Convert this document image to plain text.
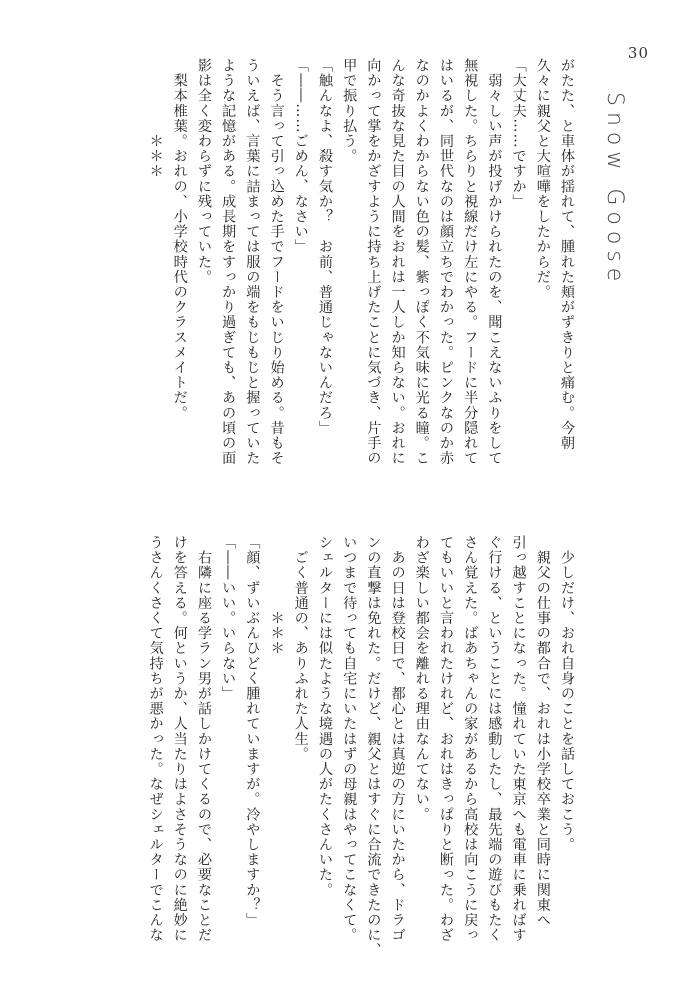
30
Snow Goose

がたた、と車体が揺れて、腫れた頬がずきりと痛む。今朝

久々に親父と大喧嘩をしたからだ。

「大丈夫……ですか」

　弱々しい声が投げかけられたのを、聞こえないふりをして

無視した。ちらりと視線だけ左にやる。フードに半分隠れて

はいるが、同世代なのは顔立ちでわかった。ピンクなのか赤

なのかよくわからない色の髪、紫っぽく不気味に光る瞳。こ

んな奇抜な見た目の人間をおれは一人しか知らない。おれに

向かって掌をかざすように持ち上げたことに気づき、片手の

甲で振り払う。

「触んなよ、殺す気か？　お前、普通じゃないんだろ」

「――……ごめん、なさい」

　そう言って引っ込めた手でフードをいじり始める。昔もそ

ういえば、言葉に詰まっては服の端をもじもじと握っていた

ような記憶がある。成長期をすっかり過ぎても、あの頃の面

影は全く変わらずに残っていた。

　梨本椎葉。おれの、小学校時代のクラスメイトだ。

　　　　　＊＊＊

　少しだけ、おれ自身のことを話しておこう。

　親父の仕事の都合で、おれは小学校卒業と同時に関東へ

引っ越すことになった。憧れていた東京へも電車に乗ればす

ぐ行ける、ということには感動したし、最先端の遊びもたく

さん覚えた。ばあちゃんの家があるから高校は向こうに戻っ

てもいいと言われたけれど、おれはきっぱりと断った。わざ

わざ楽しい都会を離れる理由なんてない。

　あの日は登校日で、都心とは真逆の方にいたから、ドラゴ

ンの直撃は免れた。だけど、親父とはすぐに合流できたのに、

いつまで待っても自宅にいたはずの母親はやってこなくて。

シェルターには似たような境遇の人がたくさんいた。

　ごく普通の、ありふれた人生。

　　　　　＊＊＊

「顔、ずいぶんひどく腫れていますが。冷やしますか？」

「――いい。いらない」

　右隣に座る学ラン男が話しかけてくるので、必要なことだ

けを答える。何というか、人当たりはよさそうなのに絶妙に

うさんくさくて気持ちが悪かった。なぜシェルターでこんな
